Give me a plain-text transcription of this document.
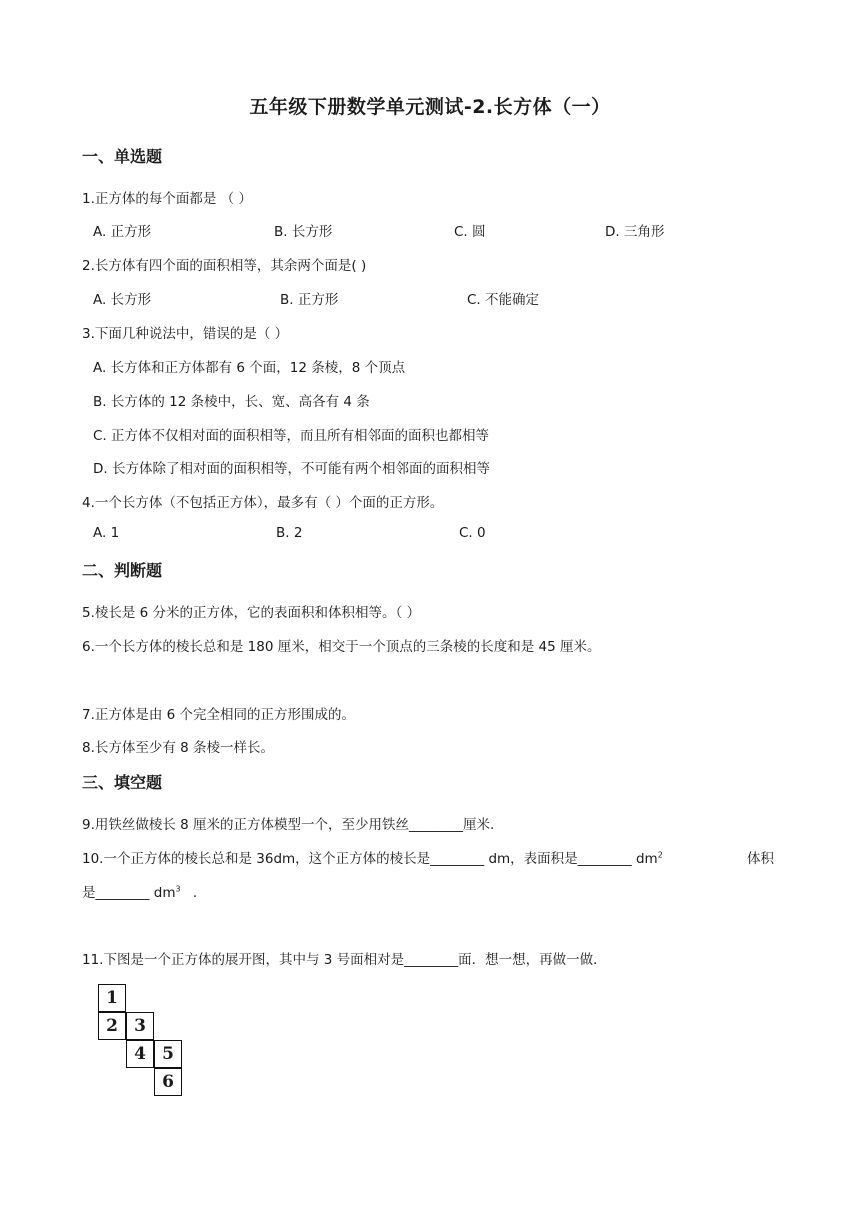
五年级下册数学单元测试-2.长方体（一）
一、单选题
1.正方体的每个面都是 （ ）
A. 正方形	B. 长方形	C. 圆	D. 三角形
2.长方体有四个面的面积相等，其余两个面是( )
A. 长方形	B. 正方形	C. 不能确定
3.下面几种说法中，错误的是（ ）
A. 长方体和正方体都有 6 个面，12 条棱，8 个顶点
B. 长方体的 12 条棱中，长、宽、高各有 4 条
C. 正方体不仅相对面的面积相等，而且所有相邻面的面积也都相等
D. 长方体除了相对面的面积相等，不可能有两个相邻面的面积相等
4.一个长方体（不包括正方体），最多有（ ）个面的正方形。
A. 1	B. 2	C. 0
二、判断题
5.棱长是 6 分米的正方体，它的表面积和体积相等。（ ）
6.一个长方体的棱长总和是 180 厘米，相交于一个顶点的三条棱的长度和是 45 厘米。
7.正方体是由 6 个完全相同的正方形围成的。
8.长方体至少有 8 条棱一样长。
三、填空题
9.用铁丝做棱长 8 厘米的正方体模型一个，至少用铁丝________厘米.
10.一个正方体的棱长总和是 36dm，这个正方体的棱长是________ dm，表面积是________ $dm^2$	体积
是________ $dm^3$ .
11.下图是一个正方体的展开图，其中与 3 号面相对是________面．想一想，再做一做．
1
2 3
4 5
6
